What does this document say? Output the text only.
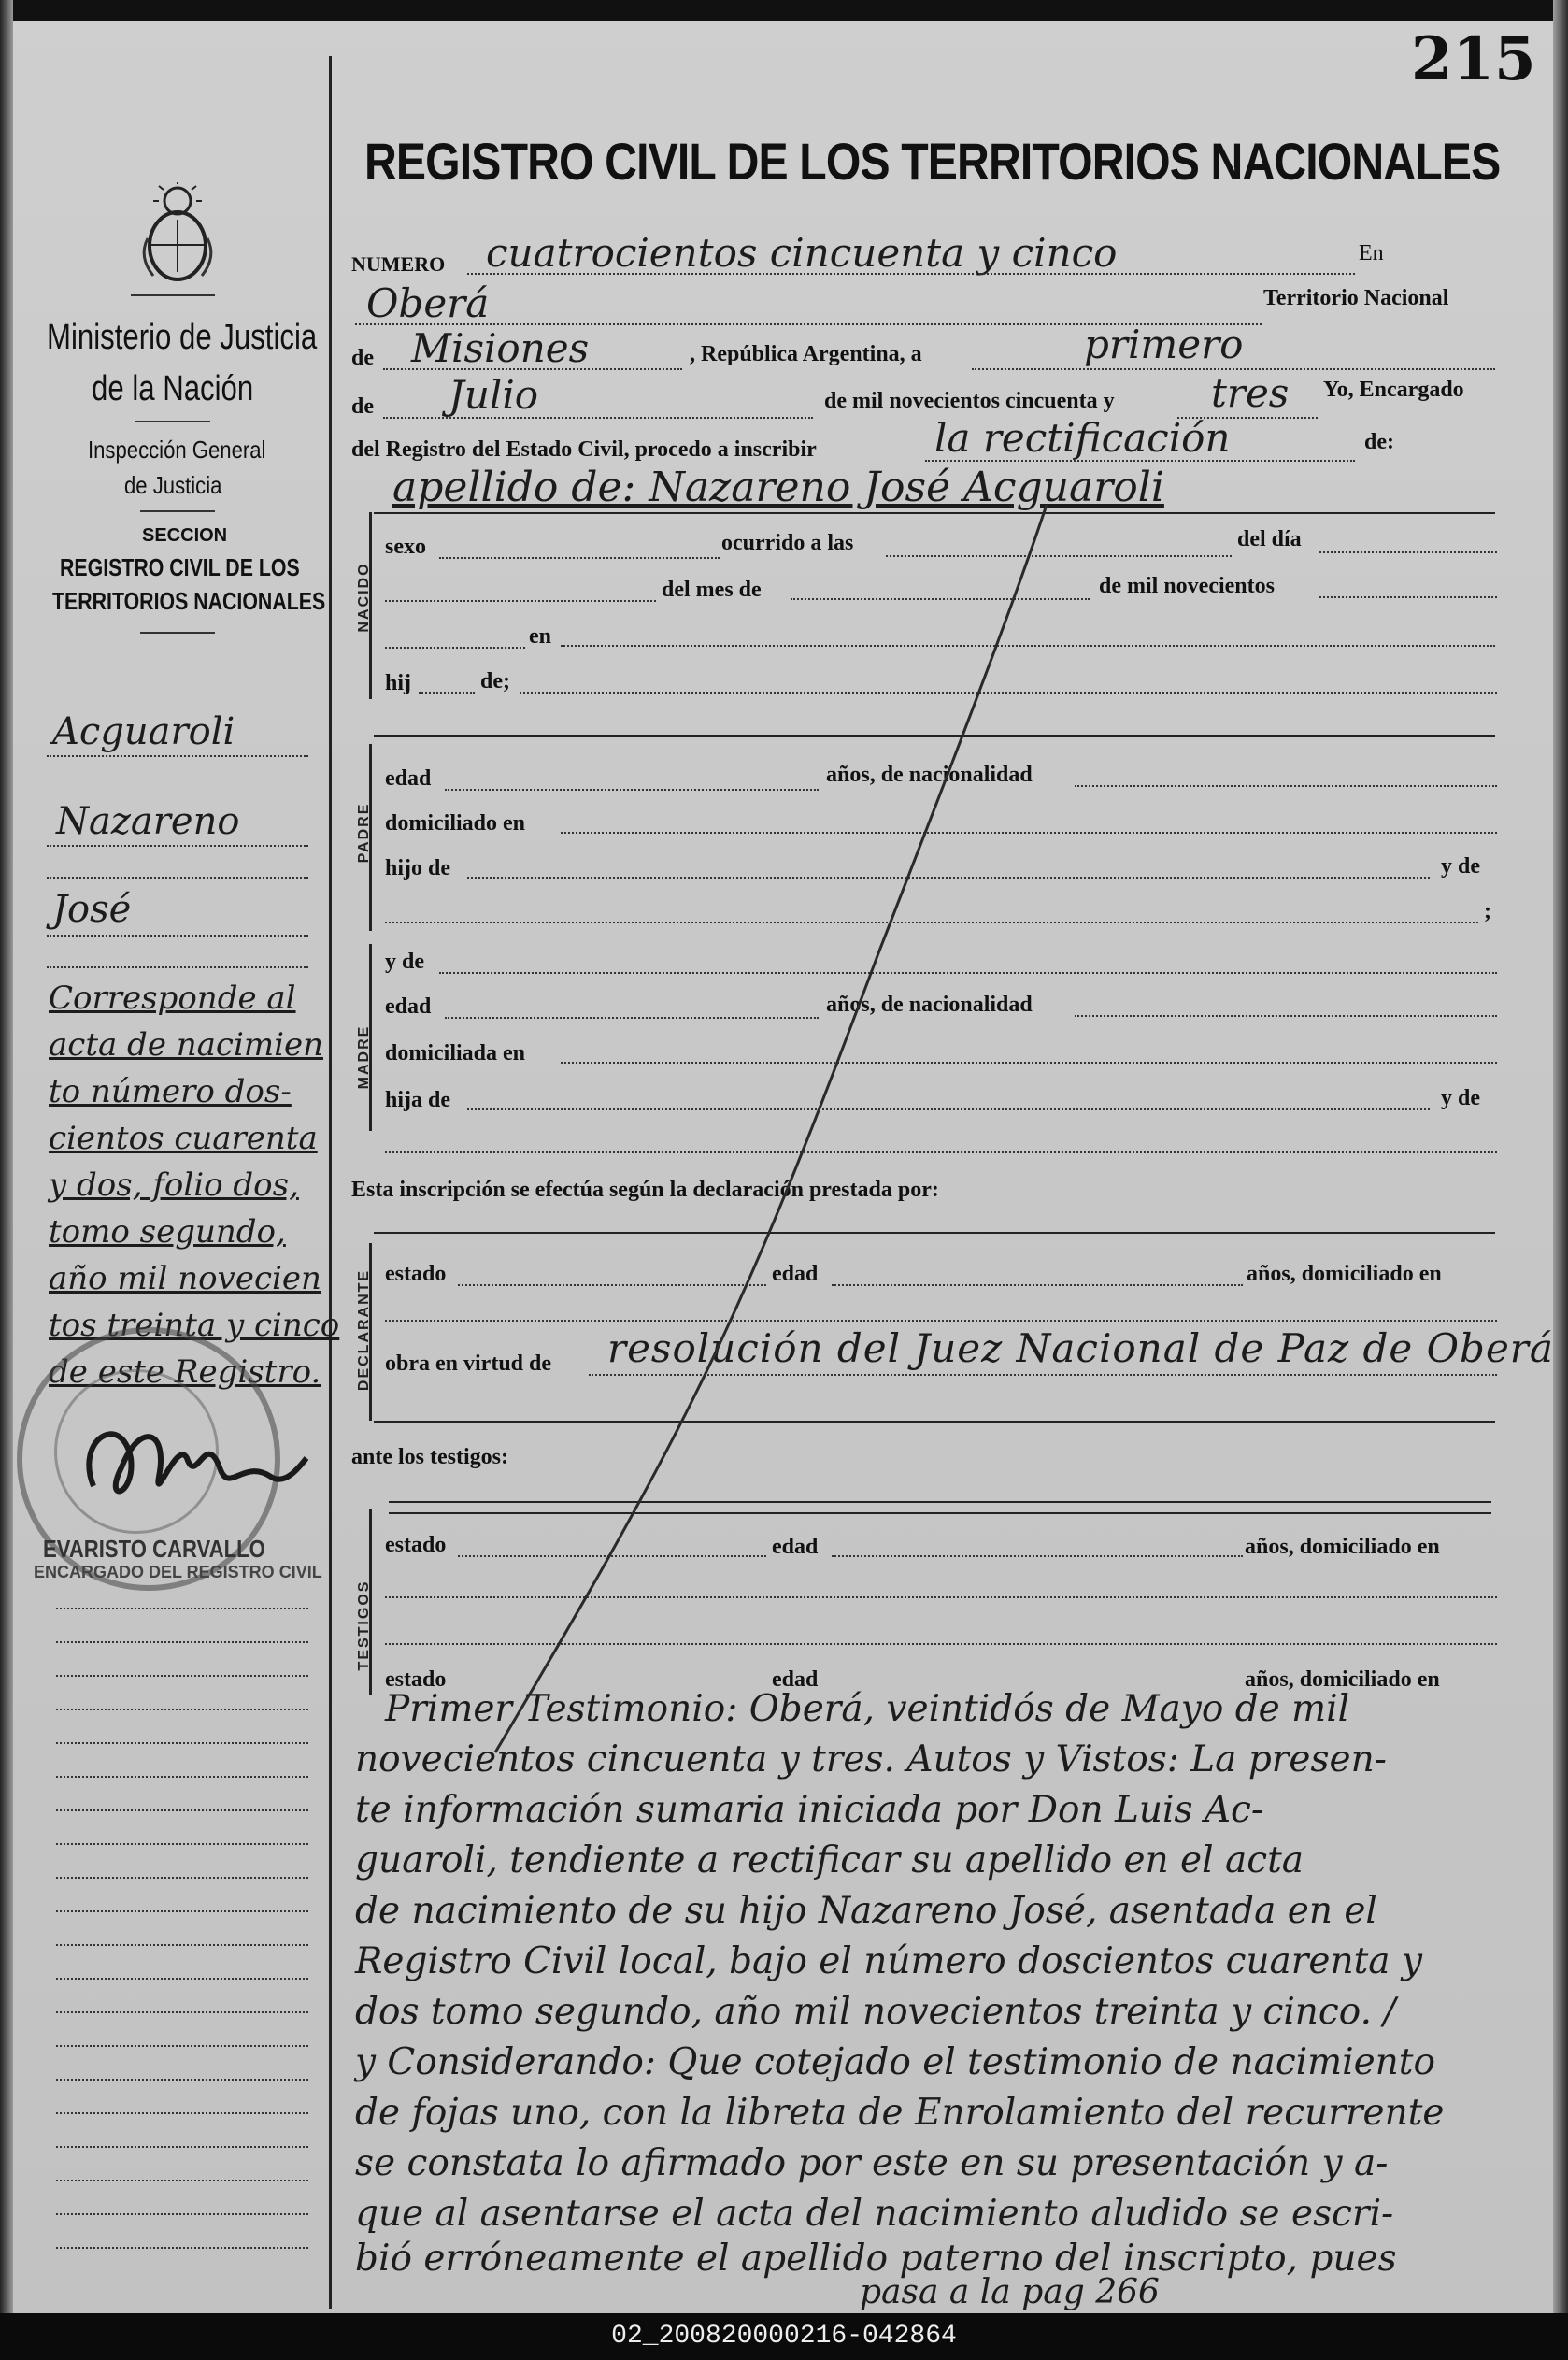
215
REGISTRO CIVIL DE LOS TERRITORIOS NACIONALES
Ministerio de Justicia
de la Nación
Inspección General
de Justicia
SECCION
REGISTRO CIVIL DE LOS
TERRITORIOS NACIONALES
Acguaroli
Nazareno
José
Corresponde al
acta de nacimien
to número dos-
cientos cuarenta
y dos, folio dos,
tomo segundo,
año mil novecien
tos treinta y cinco
de este Registro.
EVARISTO CARVALLO
ENCARGADO DEL REGISTRO CIVIL
NUMERO cuatrocientos cincuenta y cinco	En
Oberá	Territorio Nacional
de Misiones	, República Argentina, a	primero
de Julio	de mil novecientos cincuenta y tres Yo, Encargado
del Registro del Estado Civil, procedo a inscribir	la rectificación	de:
apellido de: Nazareno José Acguaroli
NACIDO
sexo	ocurrido a las	del día
del mes de	de mil novecientos
en
hij	de;
PADRE
edad	años, de nacionalidad
domiciliado en
hijo de	y de
;
MADRE
y de
edad	años, de nacionalidad
domiciliada en
hija de	y de
Esta inscripción se efectúa según la declaración prestada por:
DECLARANTE estado	edad	años, domiciliado en
obra en virtud de resolución del Juez Nacional de Paz de Oberá
ante los testigos:
TESTIGOS
estado	edad	años, domiciliado en
estado	edad	años, domiciliado en
Primer Testimonio: Oberá, veintidós de Mayo de mil
novecientos cincuenta y tres. Autos y Vistos: La presen-
te información sumaria iniciada por Don Luis Ac-
guaroli, tendiente a rectificar su apellido en el acta
de nacimiento de su hijo Nazareno José, asentada en el
Registro Civil local, bajo el número doscientos cuarenta y
dos tomo segundo, año mil novecientos treinta y cinco. /
y Considerando: Que cotejado el testimonio de nacimiento
de fojas uno, con la libreta de Enrolamiento del recurrente
se constata lo afirmado por este en su presentación y a-
que al asentarse el acta del nacimiento aludido se escri-
bió erróneamente el apellido paterno del inscripto, pues
pasa a la pag 266
02_200820000216-042864
